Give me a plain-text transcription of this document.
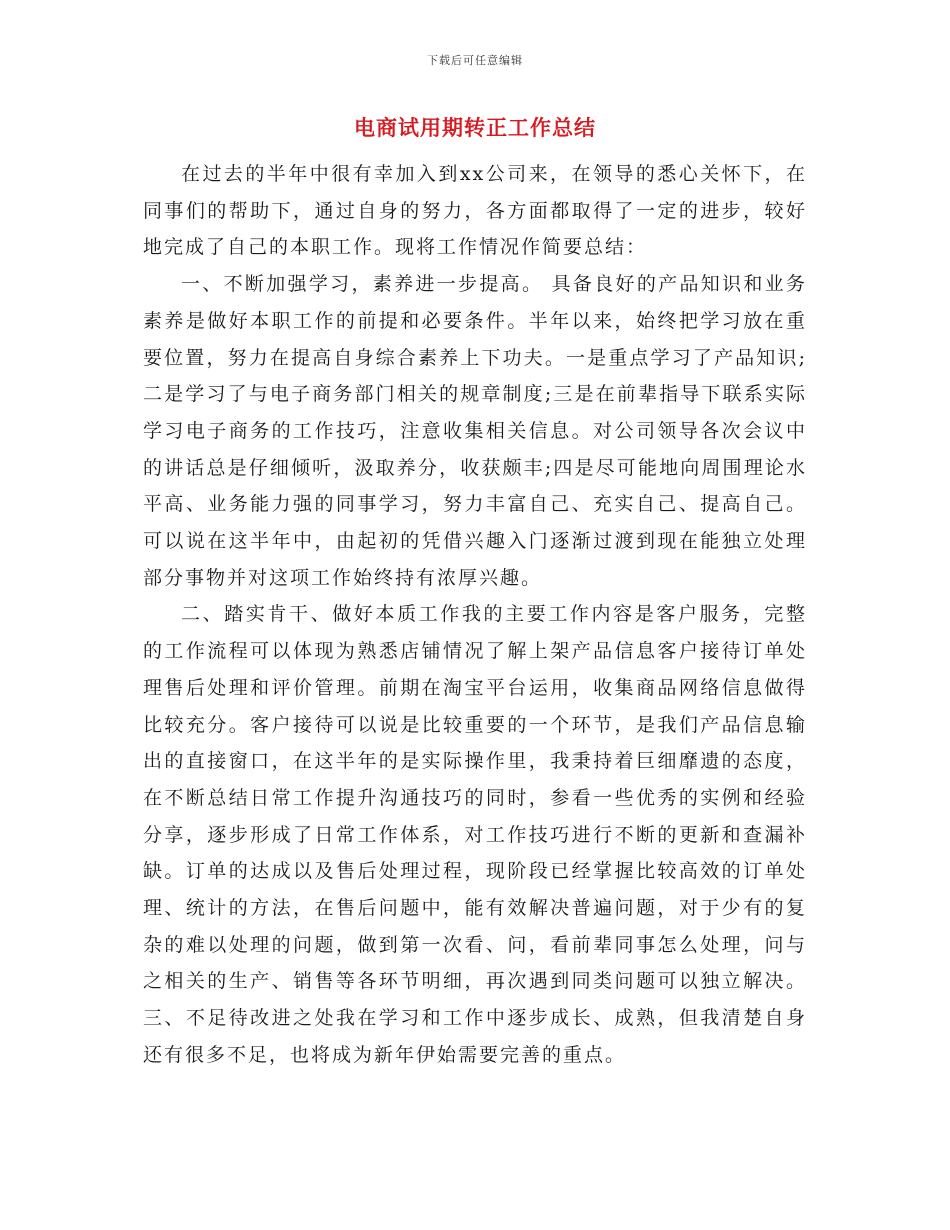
下载后可任意编辑
电商试用期转正工作总结

在过去的半年中很有幸加入到xx公司来，在领导的悉心关怀下，在同事们的帮助下，通过自身的努力，各方面都取得了一定的进步，较好地完成了自己的本职工作。现将工作情况作简要总结：

一、不断加强学习，素养进一步提高。 具备良好的产品知识和业务素养是做好本职工作的前提和必要条件。半年以来，始终把学习放在重要位置，努力在提高自身综合素养上下功夫。一是重点学习了产品知识;二是学习了与电子商务部门相关的规章制度;三是在前辈指导下联系实际学习电子商务的工作技巧，注意收集相关信息。对公司领导各次会议中的讲话总是仔细倾听，汲取养分，收获颇丰;四是尽可能地向周围理论水平高、业务能力强的同事学习，努力丰富自己、充实自己、提高自己。可以说在这半年中，由起初的凭借兴趣入门逐渐过渡到现在能独立处理部分事物并对这项工作始终持有浓厚兴趣。

二、踏实肯干、做好本质工作我的主要工作内容是客户服务，完整的工作流程可以体现为熟悉店铺情况了解上架产品信息客户接待订单处理售后处理和评价管理。前期在淘宝平台运用，收集商品网络信息做得比较充分。客户接待可以说是比较重要的一个环节，是我们产品信息输出的直接窗口，在这半年的是实际操作里，我秉持着巨细靡遗的态度，在不断总结日常工作提升沟通技巧的同时，参看一些优秀的实例和经验分享，逐步形成了日常工作体系，对工作技巧进行不断的更新和查漏补缺。订单的达成以及售后处理过程，现阶段已经掌握比较高效的订单处理、统计的方法，在售后问题中，能有效解决普遍问题，对于少有的复杂的难以处理的问题，做到第一次看、问，看前辈同事怎么处理，问与之相关的生产、销售等各环节明细，再次遇到同类问题可以独立解决。 三、不足待改进之处我在学习和工作中逐步成长、成熟，但我清楚自身还有很多不足，也将成为新年伊始需要完善的重点。
